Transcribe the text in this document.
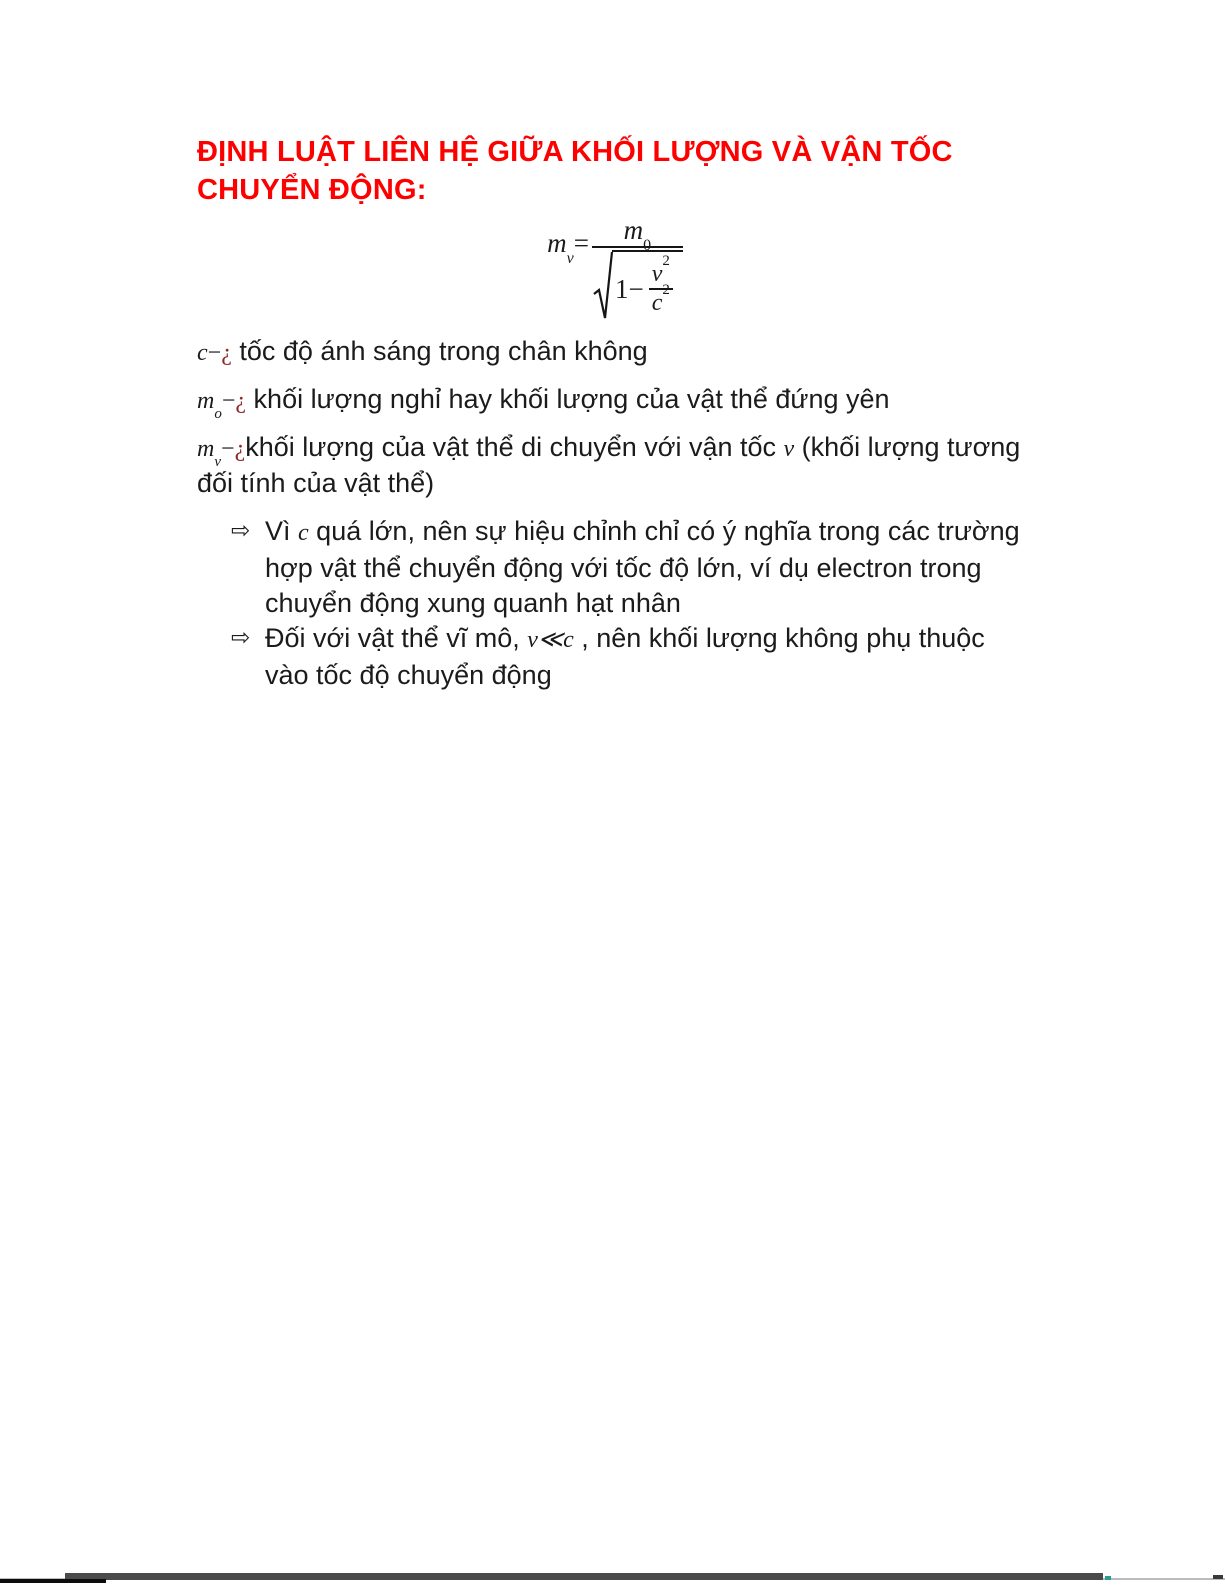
ĐỊNH LUẬT LIÊN HỆ GIỮA KHỐI LƯỢNG VÀ VẬN TỐC CHUYỂN ĐỘNG:
$m_v= \frac{m_0}{1- \frac{v^2}{c^2}}$

c−¿ tốc độ ánh sáng trong chân không

$m_o-¿$ khối lượng nghỉ hay khối lượng của vật thể đứng yên

$m_v-¿khối$ lượng của vật thể di chuyển với vận tốc v (khối lượng tương đối tính của vật thể)

⇨ Vì c quá lớn, nên sự hiệu chỉnh chỉ có ý nghĩa trong các trường hợp vật thể chuyển động với tốc độ lớn, ví dụ electron trong chuyển động xung quanh hạt nhân
⇨ Đối với vật thể vĩ mô, v≪c , nên khối lượng không phụ thuộc vào tốc độ chuyển động
